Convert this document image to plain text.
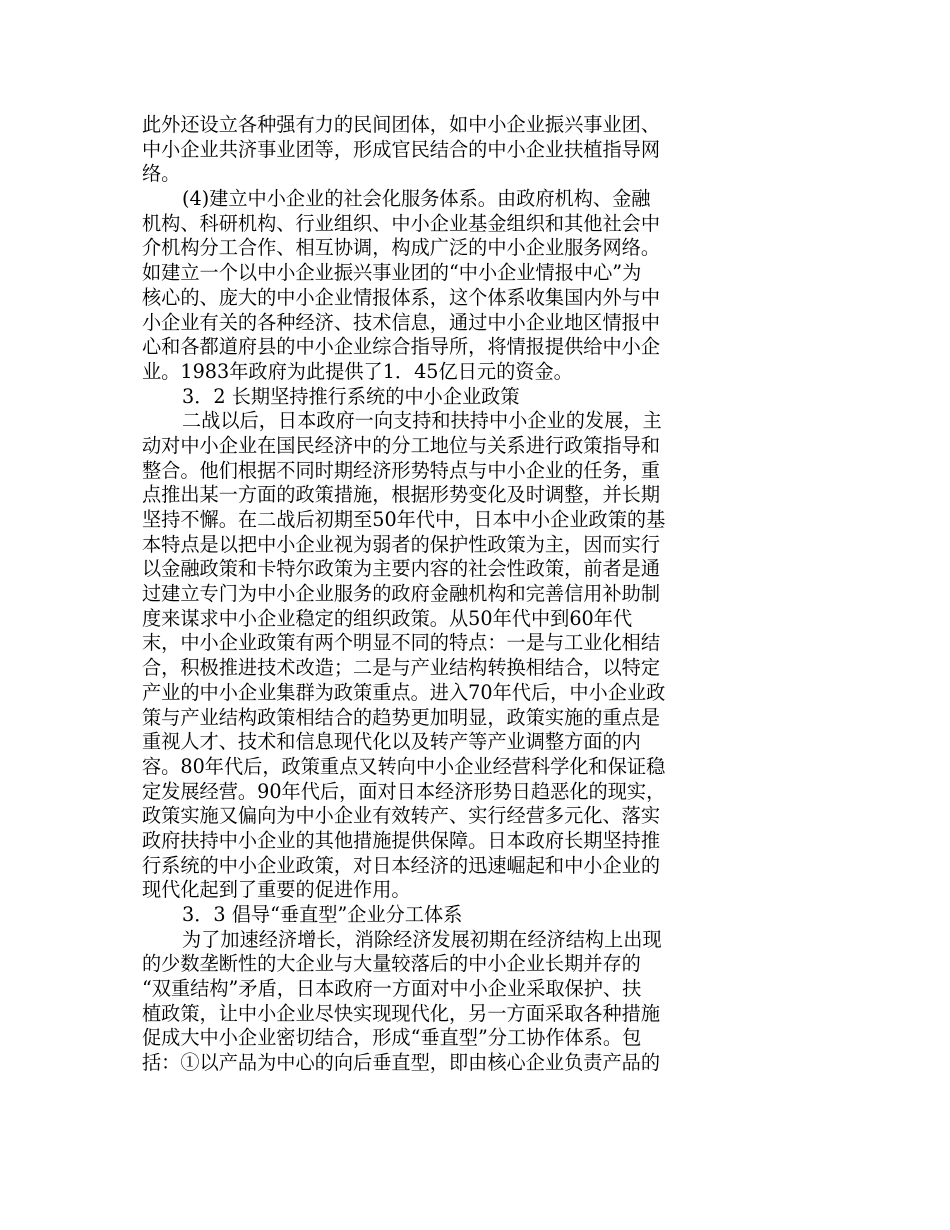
此外还设立各种强有力的民间团体，如中小企业振兴事业团、
中小企业共济事业团等，形成官民结合的中小企业扶植指导网
络。
(4)建立中小企业的社会化服务体系。由政府机构、金融
机构、科研机构、行业组织、中小企业基金组织和其他社会中
介机构分工合作、相互协调，构成广泛的中小企业服务网络。
如建立一个以中小企业振兴事业团的“中小企业情报中心”为
核心的、庞大的中小企业情报体系，这个体系收集国内外与中
小企业有关的各种经济、技术信息，通过中小企业地区情报中
心和各都道府县的中小企业综合指导所，将情报提供给中小企
业。1983年政府为此提供了1．45亿日元的资金。
3．2 长期坚持推行系统的中小企业政策
二战以后，日本政府一向支持和扶持中小企业的发展，主
动对中小企业在国民经济中的分工地位与关系进行政策指导和
整合。他们根据不同时期经济形势特点与中小企业的任务，重
点推出某一方面的政策措施，根据形势变化及时调整，并长期
坚持不懈。在二战后初期至50年代中，日本中小企业政策的基
本特点是以把中小企业视为弱者的保护性政策为主，因而实行
以金融政策和卡特尔政策为主要内容的社会性政策，前者是通
过建立专门为中小企业服务的政府金融机构和完善信用补助制
度来谋求中小企业稳定的组织政策。从50年代中到60年代
末，中小企业政策有两个明显不同的特点：一是与工业化相结
合，积极推进技术改造；二是与产业结构转换相结合，以特定
产业的中小企业集群为政策重点。进入70年代后，中小企业政
策与产业结构政策相结合的趋势更加明显，政策实施的重点是
重视人才、技术和信息现代化以及转产等产业调整方面的内
容。80年代后，政策重点又转向中小企业经营科学化和保证稳
定发展经营。90年代后，面对日本经济形势日趋恶化的现实，
政策实施又偏向为中小企业有效转产、实行经营多元化、落实
政府扶持中小企业的其他措施提供保障。日本政府长期坚持推
行系统的中小企业政策，对日本经济的迅速崛起和中小企业的
现代化起到了重要的促进作用。
3．3 倡导“垂直型”企业分工体系
为了加速经济增长，消除经济发展初期在经济结构上出现
的少数垄断性的大企业与大量较落后的中小企业长期并存的
“双重结构”矛盾，日本政府一方面对中小企业采取保护、扶
植政策，让中小企业尽快实现现代化，另一方面采取各种措施
促成大中小企业密切结合，形成“垂直型”分工协作体系。包
括：①以产品为中心的向后垂直型，即由核心企业负责产品的
